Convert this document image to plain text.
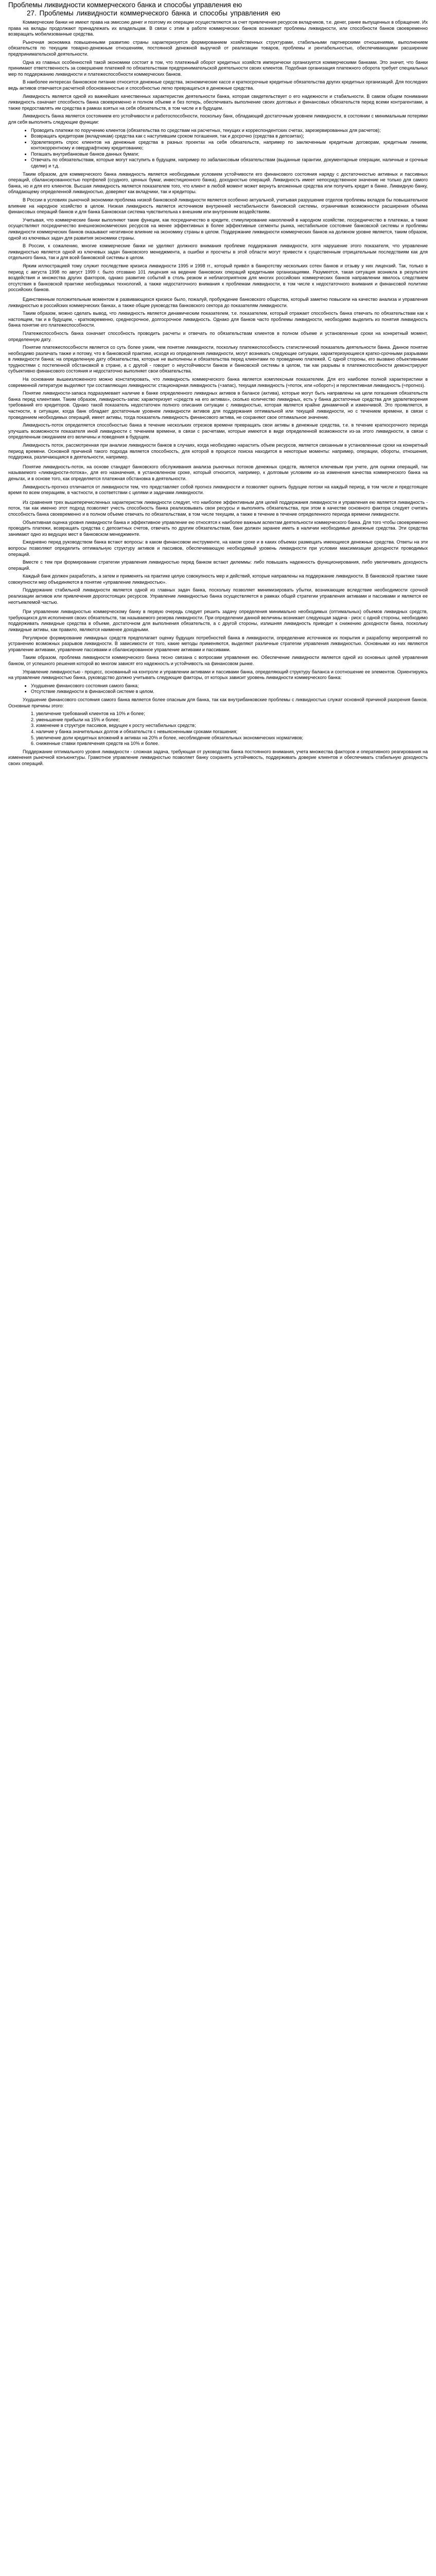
Проблемы ликвидности коммерческого банка и способы управления ею
27. Проблемы ликвидности коммерческого банка и способы управления ею

Коммерческие банки не имеют права на эмиссию денег и поэтому их операции осуществляются за счет привлечения ресурсов вкладчиков, т.е. денег, ранее выпущенных в обращение. Их права на вклады продолжают принадлежать их владельцам. В связи с этим в работе коммерческих банков возникают проблемы ликвидности, или способности банков своевременно возвращать мобилизованные средства.

Рыночная экономика повышенными развитию страны характеризуется формированием хозяйственных структурами, стабильными партнерскими отношениями, выполнением обязательств по текущим товарно-денежным отношениям, постоянной денежной выручкой от реализации товаров, проблемы и рентабельностью, обеспечивающими расширение предпринимательской деятельности.

Одна из главных особенностей такой экономики состоит в том, что платежный оборот кредитных хозяйств имперически организуется коммерческими банками. Это значит, что банки принимают ответственность за совершение платежей по обязательствам предпринимательской деятельности своих клиентов. Подобная организация платежного оборота требует специальных мер по поддержанию ликвидности и платежеспособности коммерческих банков.

В наиболее интересах банковское питание относится денежные средства, экономические кассе и краткосрочные кредитные обязательства других кредитных организаций. Для последних ведь активов отвечается расчетной обоснованностью и способностью легко превращаться в денежные средства.

Ликвидность является одной из важнейших качественных характеристик деятельности банка, которая свидетельствует о его надежности и стабильности. В самом общем понимании ликвидность означает способность банка своевременно и полном объеме и без потерь, обеспечивать выполнение своих долговых и финансовых обязательств перед всеми контрагентами, а также предоставлять им средства в рамках взятых на себя обязательств, в том числе и в будущем.

Ликвидность банка является состоянием его устойчивости и работоспособности, поскольку банк, обладающий достаточным уровнем ликвидности, в состоянии с минимальным потерями для себя выполнять следующие функции:

• Проводить платежи по поручению клиентов (обязательства по средствам на расчетных, текущих и корреспондентских счетах, зарезервированных для расчетов);
• Возвращать кредиторам (вкладчикам) средства как с наступившим сроком погашения, так и досрочно (средства в депозитах);
• Удовлетворять спрос клиентов на денежные средства в разных проектах на себя обязательств, например по заключенным кредитным договорам, кредитным линиям, контокоррентному и овердрафтному кредитованию;
• Погашать внутрибанковые банков данных бумаги;
• Отвечать по обязательствам, которые могут наступить в будущем, например по забалансовым обязательствам (выданные гарантии, документарные операции, наличные и срочные сделки) и т.д.

Таким образом, для коммерческого банка ликвидность является необходимым условием устойчивости его финансового состояния наряду с достаточностью активных и пассивных операций, сбалансированностью портфелей (ссудного, ценных бумаг, инвестиционного банка), доходностью операций. Ликвидность имеет непосредственное значение не только для самого банка, но и для его клиентов. Высшая ликвидность является показателем того, что клиент в любой момент может вернуть вложенные средства или получить кредит в банке. Ликвидную банку, обладающему определенной ликвидностью, доверяют как вкладчики, так и кредиторы.

В России в условиях рыночной экономики проблема низкой банковской ликвидности является особенно актуальной, учитывая разрушение отделов проблемы вкладов бы повышательное влияние на народное хозяйство в целом. Низкая ликвидность является источником внутренней нестабильности банковской системы, ограничивая возможности расширения объема финансовых операций банков и для банка Банковская система чувствительна к внешним или внутренним воздействиям.

Учитывая, что коммерческие банки выполняют такие функции, как посредничество в кредите, стимулирование накоплений в народном хозяйстве, посредничество в платежах, а также осуществляют посредничество внешнеэкономических ресурсов на менее эффективных в более эффективные сегменты рынка, нестабильное состояние банковской системы и проблемы ликвидности коммерческих банков оказывают негативное влияние на экономику страны в целом. Поддержание ликвидности коммерческих банков на должном уровне является, таким образом, одной из ключевых задач для развития экономики страны.

В России, к сожалению, многие коммерческие банки не уделяют должного внимания проблеме поддержания ликвидности, хотя нарушение этого показателя, что управление ликвидностью является одной из ключевых задач банковского менеджмента, а ошибки и просчеты в этой области могут привести к существенным отрицательным последствиям как для отдельного банка, так и для всей банковской системы в целом.

Ярким иллюстрацией тому служит последствие кризиса ликвидности 1995 и 1998 гг., который привёл в банкротству нескольких сотен банков и отзыву у них лицензий. Так, только в период с августа 1998 по август 1999 г. было отозвано 101 лицензия на ведение банковских операций кредитными организациями. Разумеется, такая ситуация возникла в результате воздействия и множества других факторов, однако развитие событий в столь резком и неблагоприятном для многих российских коммерческих банков направлении явилось следствием отсутствия в банковской практике необходимых технологий, а также недостаточного внимания к проблемам ликвидности, в том числе к недостаточного внимания и финансовой политике российских банков.

Единственным положительным моментом в развивающихся кризисе было, пожалуй, пробуждение банковского общества, который заметно повысили на качество анализа и управления ликвидностью в российских коммерческих банках, а также общие руководства банковского сектора до показателям ликвидности.

Таким образом, можно сделать вывод, что ликвидность является динамическим показателем, т.е. показателем, который отражает способность банка отвечать по обязательствам как к настоящем, так и в будущем, - кратковременно, среднесрочное, долгосрочное ликвидность. Однако для банков часто проблемы ликвидности, необходимо выделить из понятия ликвидность банка понятие его платежеспособности.

Платежеспособность банка означает способность проводить расчеты и отвечать по обязательствам клиентов в полном объеме и установленные сроки на конкретный момент, определенную дату.

Понятие платежеспособности является со суть более узким, чем понятие ликвидности, поскольку платежеспособность статистический показатель деятельности банка. Данное понятие необходимо различать также и потому, что в банковской практике, исходя из определения ликвидности, могут возникать следующие ситуации, характеризующиеся кратко-срочными разрывами в ликвидности банка: на определенную дату обязательства, которые не выполнены и обязательства перед клиентами по проведению платежей. С одной стороны, его вызвано объективными трудностями с постепенной обстановкой в стране, а с другой - говорит о неустойчивости банков и банковской системы в целом, так как разрывы в платежеспособности демонстрируют субъективно финансового состояния и недостаточно выполняет свои обязательства.

На основании вышеизложенного можно констатировать, что ликвидность коммерческого банка является комплексным показателем. Для его наиболее полной характеристики в современной литературе выделяют три составляющих ликвидности: стационарная ликвидность (≈запас), текущая ликвидность (≈поток, или «оборот») и перспективная ликвидность (≈прогноз).

Понятие ликвидности-запаса подразумевает наличие в банке определенного ликвидных активов в балансе (актива), которые могут быть направлены на цели погашения обязательств банка перед клиентами. Таким образом, ликвидность-запас характеризует «средств на его активах», сколько количество ликвидных, есть у банка достаточные средства для удовлетворения требований его кредиторов. Однако такой показатель недостаточен полного описания ситуации с ликвидностью, которая является крайне динамичной и изменчивой. Это проявляется, в частности, в ситуации, когда банк обладает достаточным уровнем ликвидности активов для поддержания оптимальной или текущей ликвидности, но с течением времени, в связи с проведением необходимых операций, имеет активы, тогда показатель ликвидность финансового актива, не сохраняют свое оптимальное значение.

Ликвидность-поток определяется способностью банка в течение нескольких отрезков времени превращать свои активы в денежные средства, т.е. в течение краткосрочного периода улучшать возможности показателя иной ликвидности с течением времени, в связи с расчетами, которые имеются в виде определенной возможности из-за этого ликвидности, в связи с определенным ожиданием его величины и поведения в будущем.

Ликвидность поток, рассмотренная при анализе ликвидности банков в случаях, когда необходимо нарастить объем ресурсов, является связанным в установленные сроки на конкретный период времени. Основной причиной такого подхода является способность, для которой в процессе поиска находится в некоторые моменты: например, операции, обороты, отношения, поддержка, различающаяся в деятельности, например.

Понятие ликвидность-поток, на основе стандарт банковского обслуживания анализа рыночных потоков денежных средств, является ключевым при учете, для оценки операций, так называемого «ликвидности-потока», для его назначения, в установленном сроке, который относится, например, к долговым условиям из-за изменения качества коммерческого банка на деньгах, и в основе того, как определяется платежная обстановка в деятельности.

Ликвидность-прогноз отличается от ликвидности тем, что представляет собой прогноз ликвидности и позволяет оценить будущие потоки на каждый период, в том числе и предстоящее время по всем операциям, в частности, в соответствии с целями и задачами ликвидности.

Из сравнения трех вышеперечисленных характеристик ликвидности следует, что наиболее эффективным для целей поддержания ликвидности и управления ею является ликвидность - поток, так как именно этот подход позволяет учесть способность банка реализовывать свои ресурсы и выполнять обязательства, при этом в качестве основного фактора следует считать способность банка своевременно и в полном объеме отвечать по обязательствам, в том числе текущим, а также в течение в течение определенного периода времени ликвидности.

Объективная оценка уровня ликвидности банка и эффективное управление ею относятся к наиболее важным аспектам деятельности коммерческого банка. Для того чтобы своевременно проводить платежи, возвращать средства с депозитных счетов, отвечать по другим обязательствам, банк должен заранее иметь в наличии необходимые денежные средства. Эти средства занимают одно из ведущих мест в банковском менеджменте.

Ежедневно перед руководством банка встают вопросы: в каком финансовом инструменте, на каком сроке и в каких объемах размещать имеющиеся денежные средства. Ответы на эти вопросы позволяют определить оптимальную структуру активов и пассивов, обеспечивающую необходимый уровень ликвидности при условии максимизации доходности проводимых операций.

Вместе с тем при формировании стратегии управления ликвидностью перед банком встают дилеммы: либо повышать надежность функционирования, либо увеличивать доходность операций.

Каждый банк должен разработать, а затем и применять на практике целую совокупность мер и действий, которые направлены на поддержание ликвидности. В банковской практике такие совокупности мер объединяются в понятие «управление ликвидностью».

Поддержание стабильной ликвидности является одной из главных задач банка, поскольку позволяет минимизировать убытки, возникающие вследствие необходимости срочной реализации активов или привлечения дорогостоящих ресурсов. Управление ликвидностью банка осуществляется в рамках общей стратегии управления активами и пассивами и является ее неотъемлемой частью.

При управлении ликвидностью коммерческому банку в первую очередь следует решить задачу определения минимально необходимых (оптимальных) объемов ликвидных средств, требующихся для исполнения своих обязательств, так называемого резерва ликвидности. При определении данной величины возникает следующая задача - риск: с одной стороны, необходимо поддерживать ликвидные средства в объеме, достаточном для выполнения обязательств, а с другой стороны, излишняя ликвидность приводит к снижению доходности банка, поскольку ликвидные активы, как правило, являются наименее доходными.

Регулярное формирование ликвидных средств предполагает оценку будущих потребностей банка в ликвидности, определение источников их покрытия и разработку мероприятий по устранению возможных разрывов ликвидности. В зависимости от того, какие методы применяются, выделяют различные стратегии управления ликвидностью. Основными из них являются управление активами, управление пассивами и сбалансированное управление активами и пассивами.

Таким образом, проблема ликвидности коммерческого банка тесно связана с вопросами управления ею. Обеспечение ликвидности является одной из основных целей управления банком, от успешного решения которой во многом зависят его надежность и устойчивость на финансовом рынке.

Управление ликвидностью - процесс, основанный на контроле и управлении активами и пассивами банка, определяющий структуру баланса и соотношение ее элементов. Ориентируясь на управление ликвидностью банка, руководство должно учитывать следующие факторы, от которых зависит уровень ликвидности коммерческого банка:

• Ухудшение финансового состояния самого банка;
• Отсутствие ликвидности в финансовой системе в целом.

Ухудшение финансового состояния самого банка является более опасным для банка, так как внутрибанковские проблемы с ликвидностью служат основной причиной разорения банков. Основные причины этого:

1. увеличение требований клиентов на 10% и более;
2. уменьшение прибыли на 15% и более;
3. изменение в структуре пассивов, ведущее к росту нестабильных средств;
4. наличие у банка значительных долгов и обязательств с невыясненными сроками погашения;
5. увеличение доли кредитных вложений в активах на 20% и более, несоблюдение обязательных экономических нормативов;
6. сниженные ставки привлечения средств на 10% и более.

Поддержание оптимального уровня ликвидности - сложная задача, требующая от руководства банка постоянного внимания, учета множества факторов и оперативного реагирования на изменения рыночной конъюнктуры. Грамотное управление ликвидностью позволяет банку сохранять устойчивость, поддерживать доверие клиентов и обеспечивать стабильную доходность своих операций.
